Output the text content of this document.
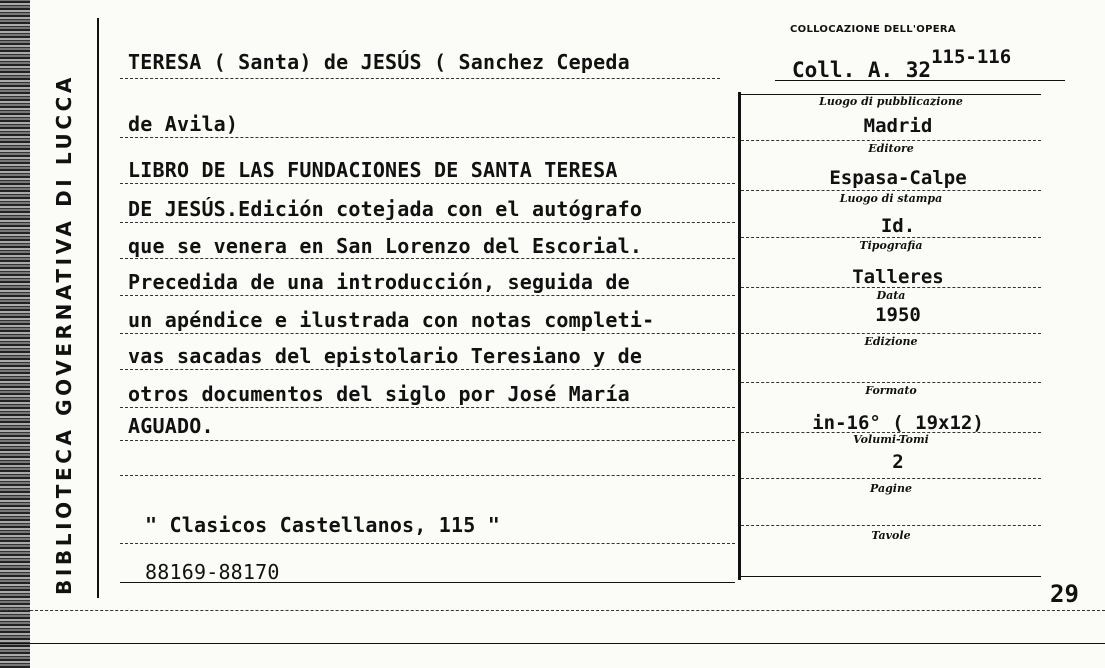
BIBLIOTECA GOVERNATIVA DI LUCCA
COLLOCAZIONE DELL'OPERA
Coll. A. 32$^{115-116}$
TERESA ( Santa) de JESÚS ( Sanchez Cepeda
de Avila)
LIBRO DE LAS FUNDACIONES DE SANTA TERESA
DE JESÚS.Edición cotejada con el autógrafo
que se venera en San Lorenzo del Escorial.
Precedida de una introducción, seguida de
un apéndice e ilustrada con notas completi-
vas sacadas del epistolario Teresiano y de
otros documentos del siglo por José María
AGUADO.
" Clasicos Castellanos, 115 "
88169-88170
Luogo di pubblicazione
Madrid
Editore
Espasa-Calpe
Luogo di stampa
Id.
Tipografia
Talleres
Data
1950
Edizione
Formato
in-16° ( 19x12)
Volumi-Tomi
2
Pagine
Tavole
29
